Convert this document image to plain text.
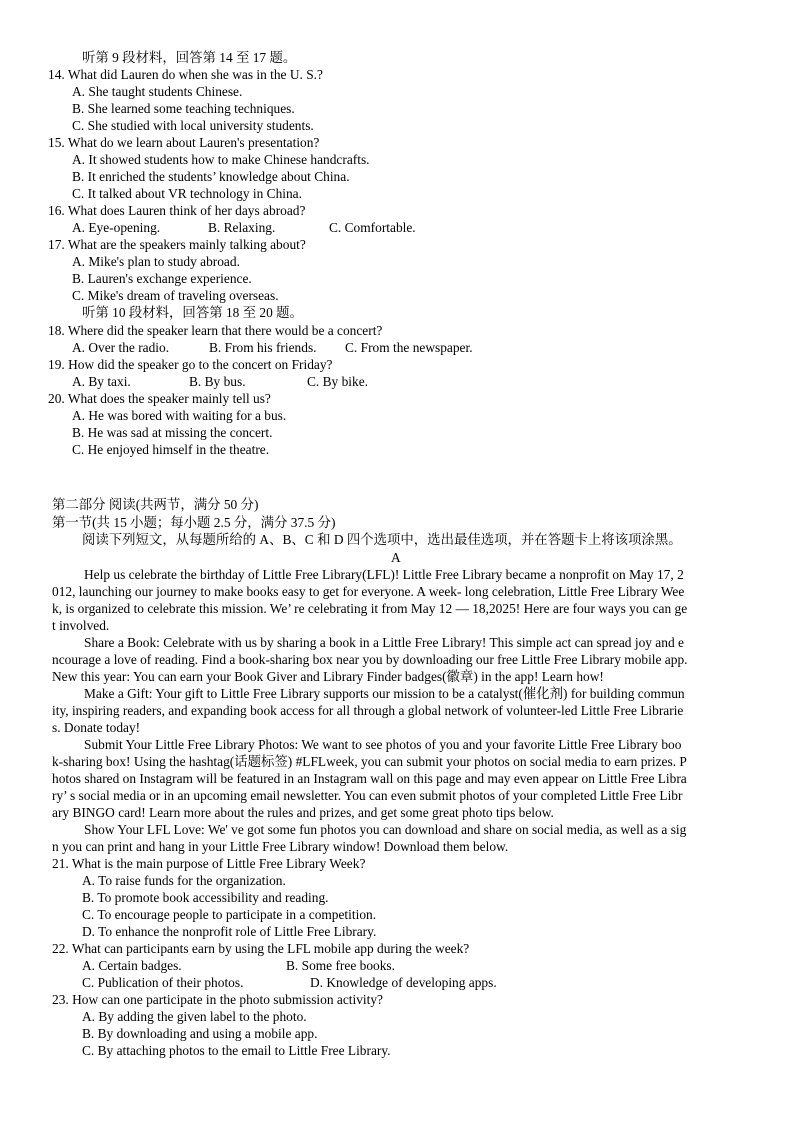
听第 9 段材料，回答第 14 至 17 题。
14. What did Lauren do when she was in the U. S.?
A. She taught students Chinese.
B. She learned some teaching techniques.
C. She studied with local university students.
15. What do we learn about Lauren's presentation?
A. It showed students how to make Chinese handcrafts.
B. It enriched the students’ knowledge about China.
C. It talked about VR technology in China.
16. What does Lauren think of her days abroad?
A. Eye-opening.	B. Relaxing.	C. Comfortable.
17. What are the speakers mainly talking about?
A. Mike's plan to study abroad.
B. Lauren's exchange experience.
C. Mike's dream of traveling overseas.
听第 10 段材料，回答第 18 至 20 题。
18. Where did the speaker learn that there would be a concert?
A. Over the radio.	B. From his friends. C. From the newspaper.
19. How did the speaker go to the concert on Friday?
A. By taxi.	B. By bus.	C. By bike.
20. What does the speaker mainly tell us?
A. He was bored with waiting for a bus.
B. He was sad at missing the concert.
C. He enjoyed himself in the theatre.
第二部分 阅读(共两节，满分 50 分)
第一节(共 15 小题；每小题 2.5 分，满分 37.5 分)
阅读下列短文，从每题所给的 A、B、C 和 D 四个选项中，选出最佳选项，并在答题卡上将该项涂黑。
A
Help us celebrate the birthday of Little Free Library(LFL)! Little Free Library became a nonprofit on May 17, 2
012, launching our journey to make books easy to get for everyone. A week- long celebration, Little Free Library Wee
k, is organized to celebrate this mission. We’ re celebrating it from May 12 — 18,2025! Here are four ways you can ge
t involved.
Share a Book: Celebrate with us by sharing a book in a Little Free Library! This simple act can spread joy and e
ncourage a love of reading. Find a book-sharing box near you by downloading our free Little Free Library mobile app.
New this year: You can earn your Book Giver and Library Finder badges(徽章) in the app! Learn how!
Make a Gift: Your gift to Little Free Library supports our mission to be a catalyst(催化剂) for building commun
ity, inspiring readers, and expanding book access for all through a global network of volunteer-led Little Free Librarie
s. Donate today!
Submit Your Little Free Library Photos: We want to see photos of you and your favorite Little Free Library boo
k-sharing box! Using the hashtag(话题标签) #LFLweek, you can submit your photos on social media to earn prizes. P
hotos shared on Instagram will be featured in an Instagram wall on this page and may even appear on Little Free Libra
ry’ s social media or in an upcoming email newsletter. You can even submit photos of your completed Little Free Libr
ary BINGO card! Learn more about the rules and prizes, and get some great photo tips below.
Show Your LFL Love: We' ve got some fun photos you can download and share on social media, as well as a sig
n you can print and hang in your Little Free Library window! Download them below.
21. What is the main purpose of Little Free Library Week?
A. To raise funds for the organization.
B. To promote book accessibility and reading.
C. To encourage people to participate in a competition.
D. To enhance the nonprofit role of Little Free Library.
22. What can participants earn by using the LFL mobile app during the week?
A. Certain badges.	B. Some free books.
C. Publication of their photos.	D. Knowledge of developing apps.
23. How can one participate in the photo submission activity?
A. By adding the given label to the photo.
B. By downloading and using a mobile app.
C. By attaching photos to the email to Little Free Library.
